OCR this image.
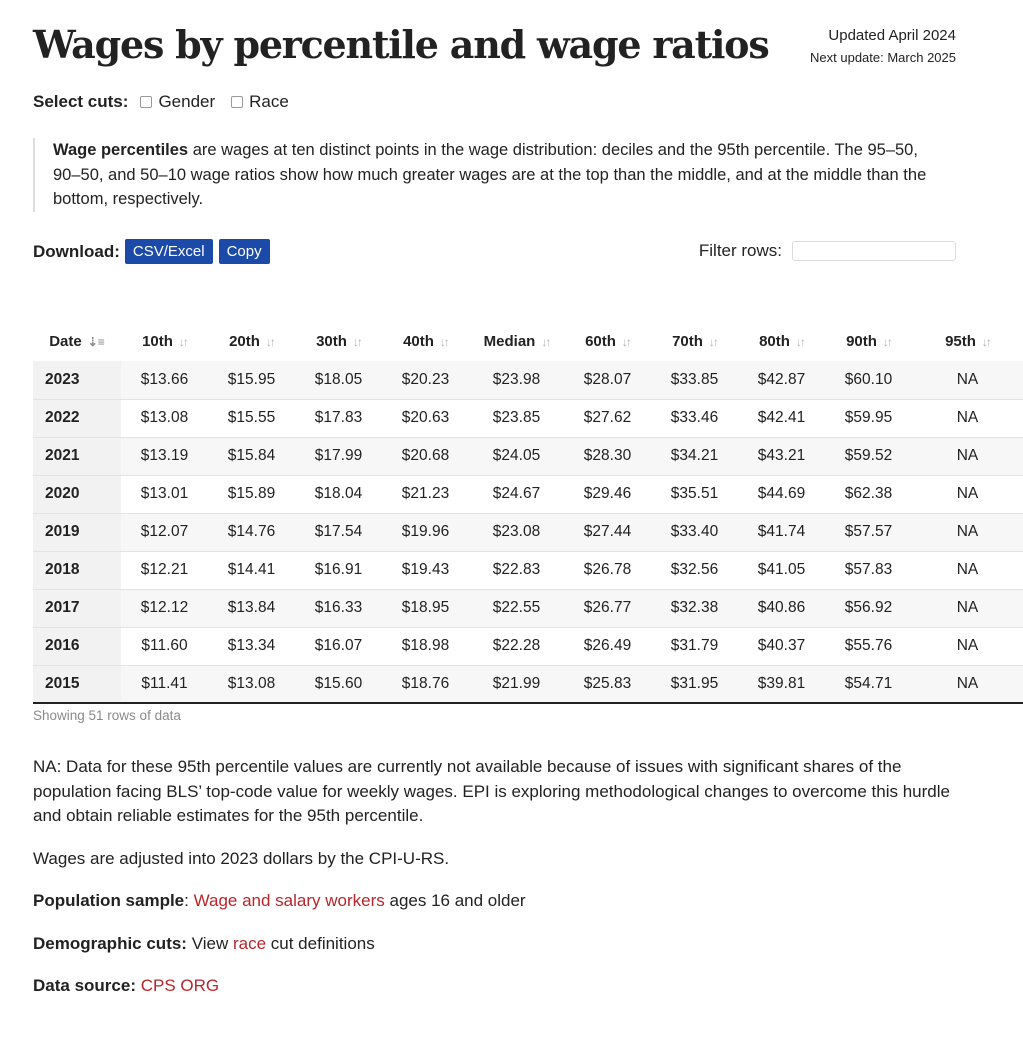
Wages by percentile and wage ratios	Updated April 2024
Next update: March 2025
Select cuts: Gender Race
Wage percentiles are wages at ten distinct points in the wage distribution: deciles and the 95th percentile. The 95–50, 90–50, and 50–10 wage ratios show how much greater wages are at the top than the middle, and at the middle than the bottom, respectively.
Download: CSV/Excel	Copy	Filter rows:
Date ⇣≡	10th ↓↑	20th ↓↑	30th ↓↑	40th ↓↑	Median ↓↑	60th ↓↑	70th ↓↑	80th ↓↑	90th ↓↑	95th ↓↑
2023	$13.66	$15.95	$18.05	$20.23	$23.98	$28.07	$33.85	$42.87	$60.10	NA
2022	$13.08	$15.55	$17.83	$20.63	$23.85	$27.62	$33.46	$42.41	$59.95	NA
2021	$13.19	$15.84	$17.99	$20.68	$24.05	$28.30	$34.21	$43.21	$59.52	NA
2020	$13.01	$15.89	$18.04	$21.23	$24.67	$29.46	$35.51	$44.69	$62.38	NA
2019	$12.07	$14.76	$17.54	$19.96	$23.08	$27.44	$33.40	$41.74	$57.57	NA
2018	$12.21	$14.41	$16.91	$19.43	$22.83	$26.78	$32.56	$41.05	$57.83	NA
2017	$12.12	$13.84	$16.33	$18.95	$22.55	$26.77	$32.38	$40.86	$56.92	NA
2016	$11.60	$13.34	$16.07	$18.98	$22.28	$26.49	$31.79	$40.37	$55.76	NA
2015	$11.41	$13.08	$15.60	$18.76	$21.99	$25.83	$31.95	$39.81	$54.71	NA
Showing 51 rows of data

NA: Data for these 95th percentile values are currently not available because of issues with significant shares of the population facing BLS’ top-code value for weekly wages. EPI is exploring methodological changes to overcome this hurdle and obtain reliable estimates for the 95th percentile.

Wages are adjusted into 2023 dollars by the CPI-U-RS.

Population sample: Wage and salary workers ages 16 and older

Demographic cuts: View race cut definitions

Data source: CPS ORG
